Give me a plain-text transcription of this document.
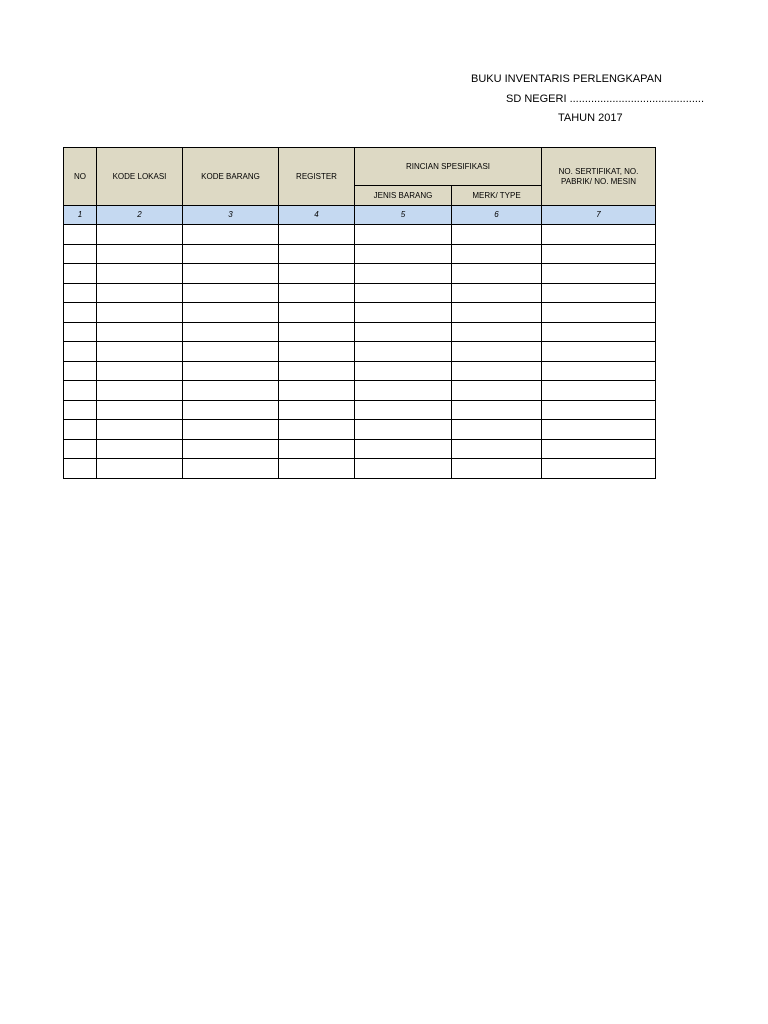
BUKU INVENTARIS PERLENGKAPAN
SD NEGERI ............................................
TAHUN 2017
NO	KODE LOKASI	KODE BARANG	REGISTER	RINCIAN SPESIFIKASI		NO. SERTIFIKAT, NO. PABRIK/ NO. MESIN
				JENIS BARANG	MERK/ TYPE	
1	2	3	4	5	6	7
